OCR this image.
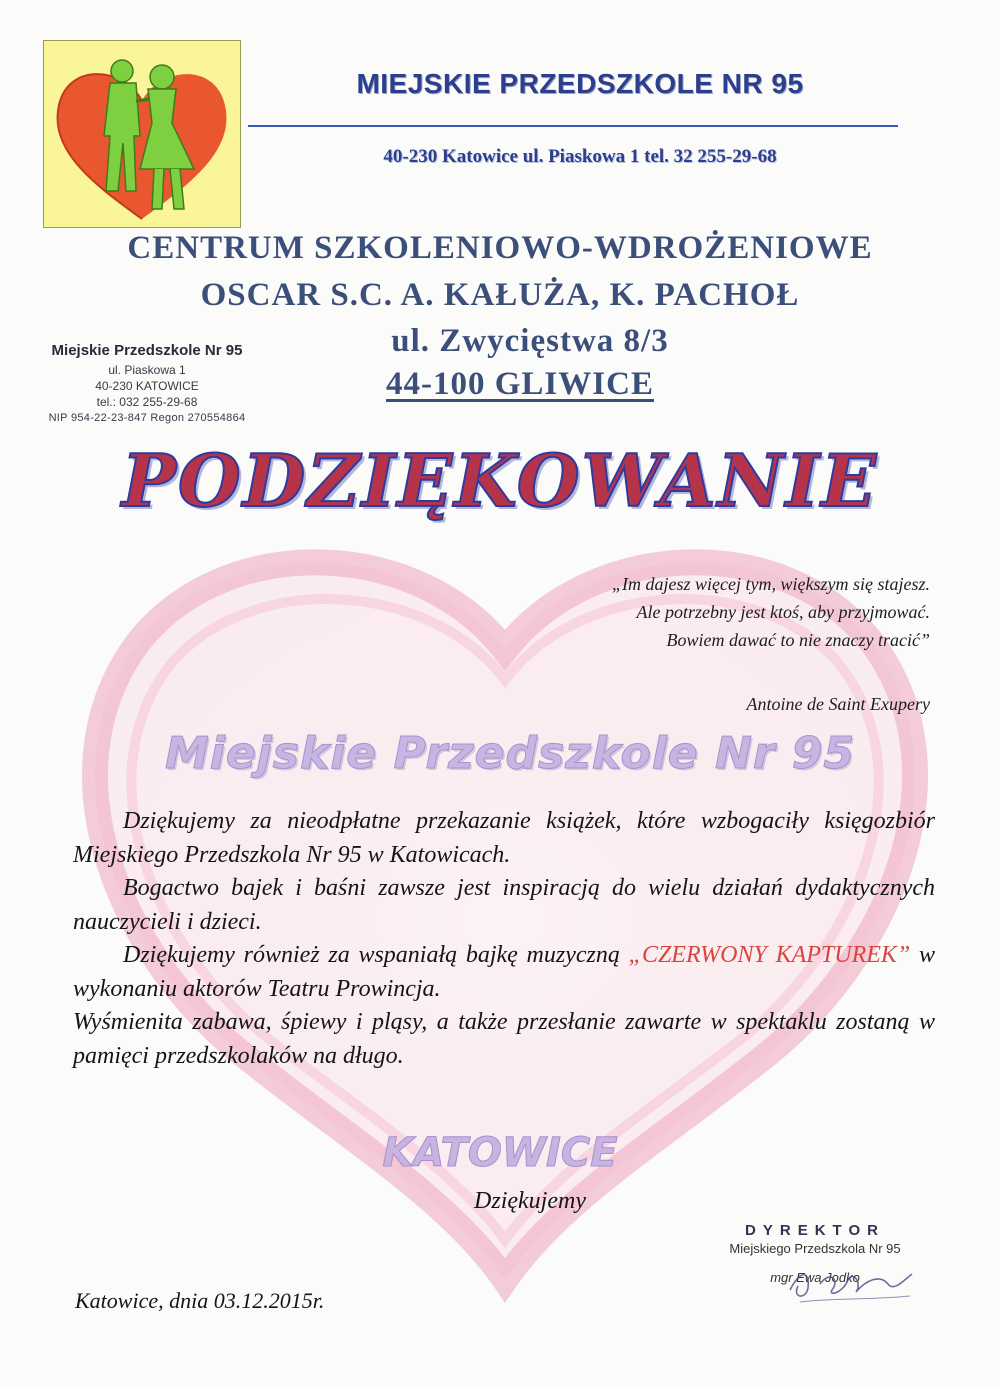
MIEJSKIE PRZEDSZKOLE NR 95
40-230 Katowice ul. Piaskowa 1 tel. 32 255-29-68
CENTRUM SZKOLENIOWO-WDROŻENIOWE
OSCAR S.C. A. KAŁUŻA, K. PACHOŁ
ul. Zwycięstwa 8/3
44-100 GLIWICE
Miejskie Przedszkole Nr 95
ul. Piaskowa 1
40-230 KATOWICE
tel.: 032 255-29-68
NIP 954-22-23-847 Regon 270554864
PODZIĘKOWANIE
„Im dajesz więcej tym, większym się stajesz.
Ale potrzebny jest ktoś, aby przyjmować.
Bowiem dawać to nie znaczy tracić”
Antoine de Saint Exupery
Miejskie Przedszkole Nr 95

Dziękujemy za nieodpłatne przekazanie książek, które wzbogaciły księgozbiór Miejskiego Przedszkola Nr 95 w Katowicach.

Bogactwo bajek i baśni zawsze jest inspiracją do wielu działań dydaktycznych nauczycieli i dzieci.

Dziękujemy również za wspaniałą bajkę muzyczną „CZERWONY KAPTUREK” w wykonaniu aktorów Teatru Prowincja.

Wyśmienita zabawa, śpiewy i pląsy, a także przesłanie zawarte w spektaklu zostaną w pamięci przedszkolaków na długo.

KATOWICE
Dziękujemy
DYREKTOR
Miejskiego Przedszkola Nr 95
mgr Ewa Jodko
Katowice, dnia 03.12.2015r.
